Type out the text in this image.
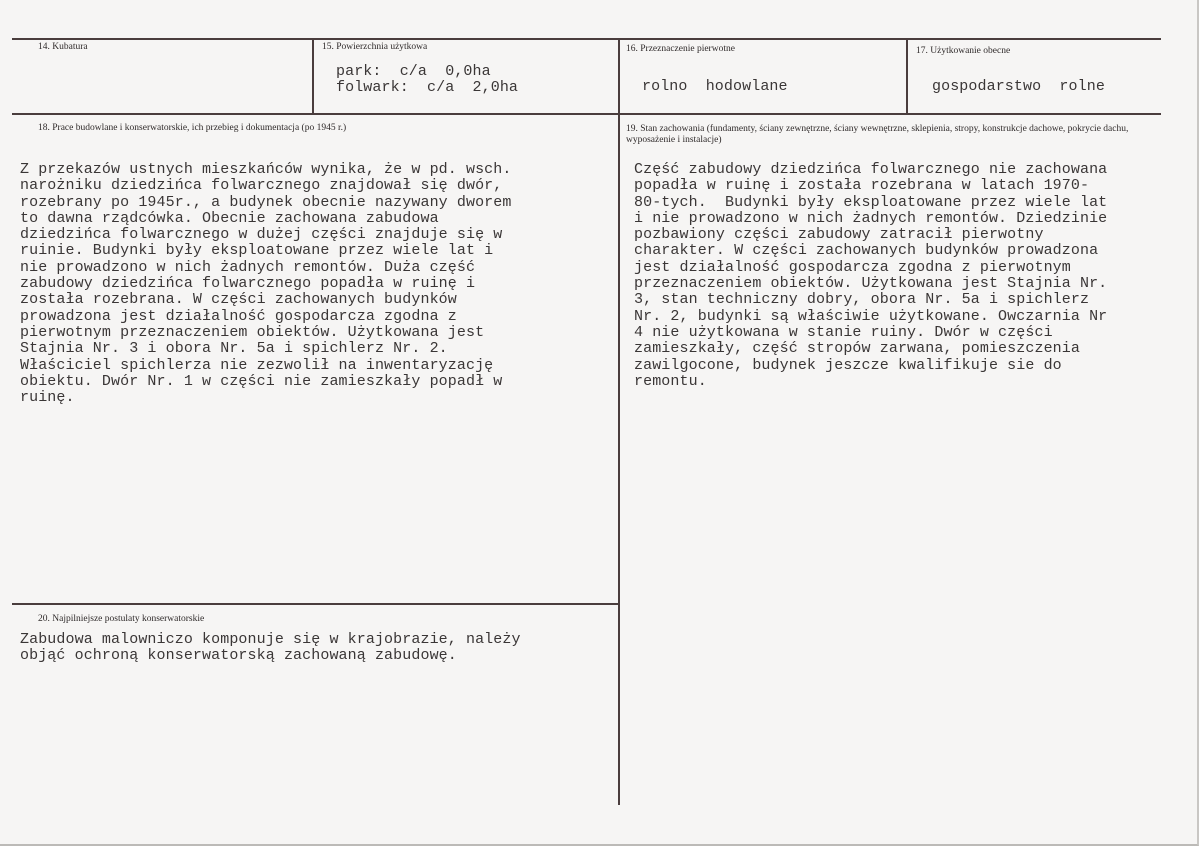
14. Kubatura	15. Powierzchnia użytkowa
park:  c/a  0,0ha
folwark:  c/a  2,0ha
16. Przeznaczenie pierwotne
rolno  hodowlane
17. Użytkowanie obecne
gospodarstwo  rolne
18. Prace budowlane i konserwatorskie, ich przebieg i dokumentacja (po 1945 r.)
Z przekazów ustnych mieszkańców wynika, że w pd. wsch.
narożniku dziedzińca folwarcznego znajdował się dwór,
rozebrany po 1945r., a budynek obecnie nazywany dworem
to dawna rządcówka. Obecnie zachowana zabudowa
dziedzińca folwarcznego w dużej części znajduje się w
ruinie. Budynki były eksploatowane przez wiele lat i
nie prowadzono w nich żadnych remontów. Duża część
zabudowy dziedzińca folwarcznego popadła w ruinę i
została rozebrana. W części zachowanych budynków
prowadzona jest działalność gospodarcza zgodna z
pierwotnym przeznaczeniem obiektów. Użytkowana jest
Stajnia Nr. 3 i obora Nr. 5a i spichlerz Nr. 2.
Właściciel spichlerza nie zezwolił na inwentaryzację
obiektu. Dwór Nr. 1 w części nie zamieszkały popadł w
ruinę.
19. Stan zachowania (fundamenty, ściany zewnętrzne, ściany wewnętrzne, sklepienia, stropy, konstrukcje dachowe, pokrycie dachu, wyposażenie i instalacje)
Część zabudowy dziedzińca folwarcznego nie zachowana
popadła w ruinę i została rozebrana w latach 1970-
80-tych.  Budynki były eksploatowane przez wiele lat
i nie prowadzono w nich żadnych remontów. Dziedzinie
pozbawiony części zabudowy zatracił pierwotny
charakter. W części zachowanych budynków prowadzona
jest działalność gospodarcza zgodna z pierwotnym
przeznaczeniem obiektów. Użytkowana jest Stajnia Nr.
3, stan techniczny dobry, obora Nr. 5a i spichlerz
Nr. 2, budynki są właściwie użytkowane. Owczarnia Nr
4 nie użytkowana w stanie ruiny. Dwór w części
zamieszkały, część stropów zarwana, pomieszczenia
zawilgocone, budynek jeszcze kwalifikuje sie do
remontu.
20. Najpilniejsze postulaty konserwatorskie
Zabudowa malowniczo komponuje się w krajobrazie, należy
objąć ochroną konserwatorską zachowaną zabudowę.
